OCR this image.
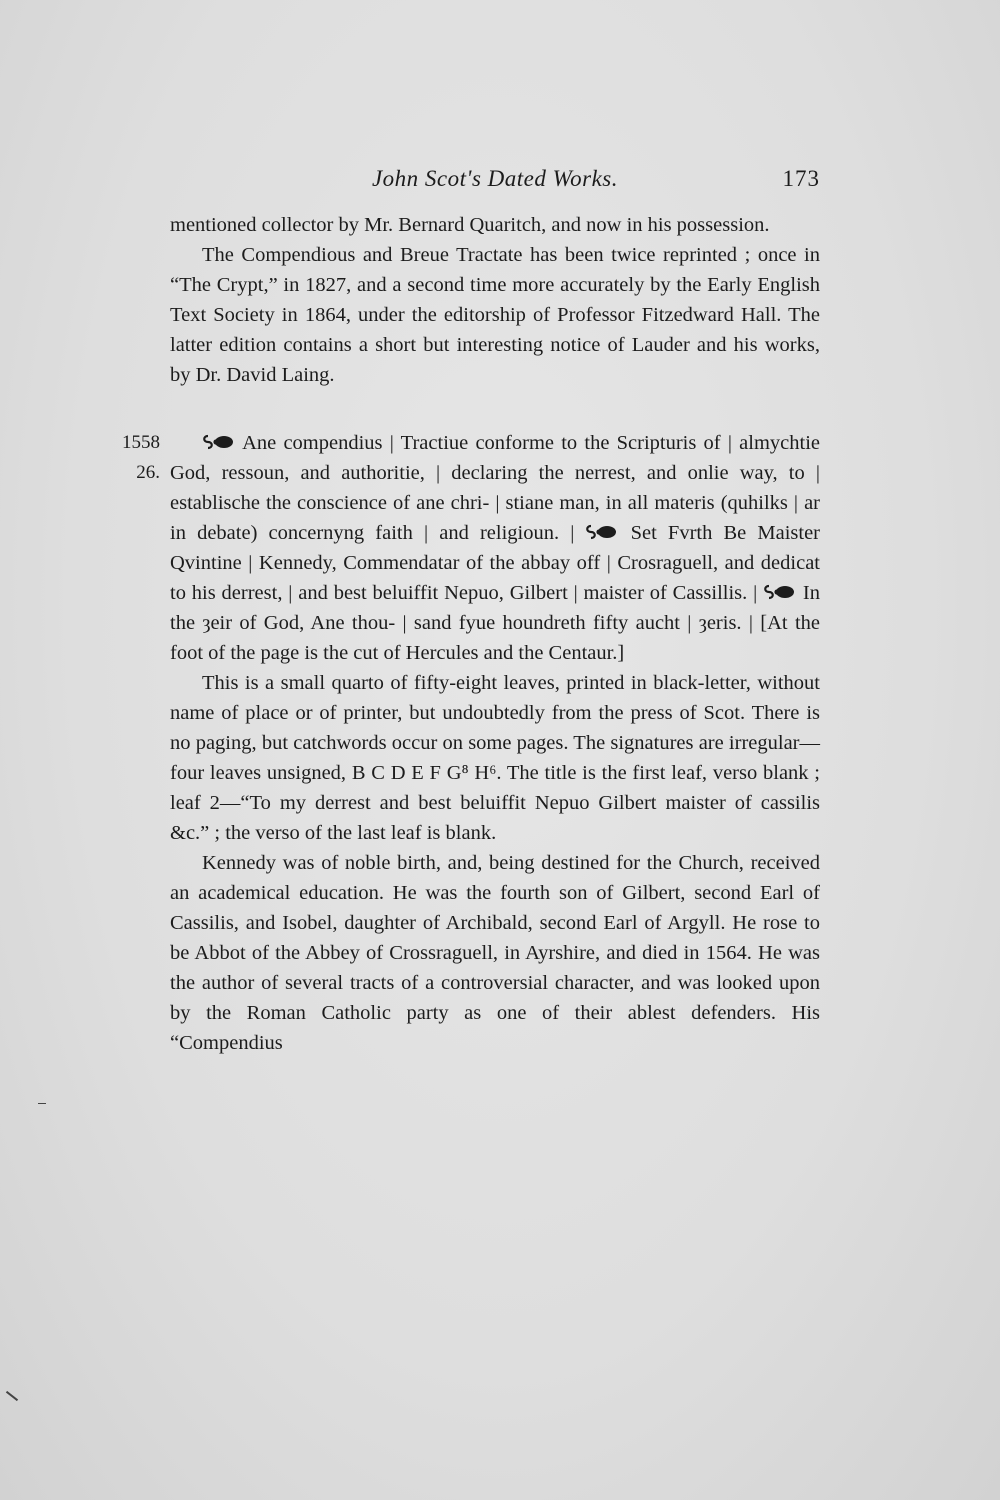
John Scot's Dated Works.	173

mentioned collector by Mr. Bernard Quaritch, and now in his possession.

The Compendious and Breue Tractate has been twice reprinted ; once in “The Crypt,” in 1827, and a second time more accurately by the Early English Text Society in 1864, under the editorship of Professor Fitzedward Hall. The latter edition contains a short but interesting notice of Lauder and his works, by Dr. David Laing.

1558
26.

Ane compendius | Tractiue conforme to the Scripturis of | almychtie God, ressoun, and authoritie, | declaring the nerrest, and onlie way, to | establische the conscience of ane chri- | stiane man, in all materis (quhilks | ar in debate) concernyng faith | and religioun. |  Set Fvrth Be Maister Qvintine | Kennedy, Commendatar of the abbay off | Crosraguell, and dedicat to his derrest, | and best beluiffit Nepuo, Gilbert | maister of Cassillis. |  In the ȝeir of God, Ane thou- | sand fyue houndreth fifty aucht | ȝeris. | [At the foot of the page is the cut of Hercules and the Centaur.]

This is a small quarto of fifty-eight leaves, printed in black-letter, without name of place or of printer, but undoubtedly from the press of Scot. There is no paging, but catchwords occur on some pages. The signatures are irregular—four leaves unsigned, B C D E F G⁸ H⁶. The title is the first leaf, verso blank ; leaf 2—“To my derrest and best beluiffit Nepuo Gilbert maister of cassilis &c.” ; the verso of the last leaf is blank.

Kennedy was of noble birth, and, being destined for the Church, received an academical education. He was the fourth son of Gilbert, second Earl of Cassilis, and Isobel, daughter of Archibald, second Earl of Argyll. He rose to be Abbot of the Abbey of Crossraguell, in Ayrshire, and died in 1564. He was the author of several tracts of a controversial character, and was looked upon by the Roman Catholic party as one of their ablest defenders. His “Compendius
